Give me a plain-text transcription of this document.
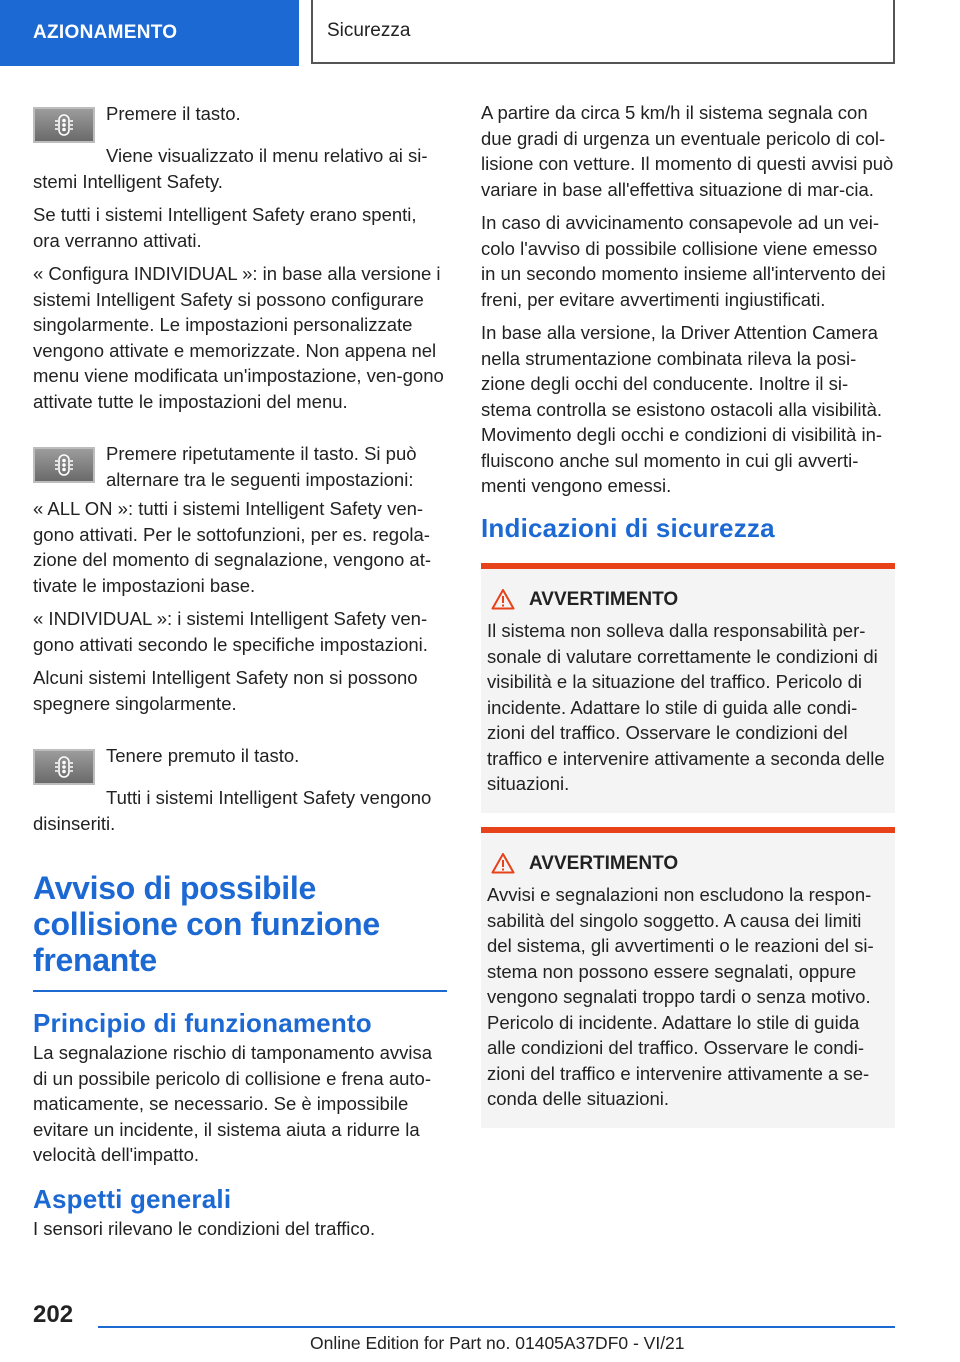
AZIONAMENTO	Sicurezza
Premere il tasto.

Viene visualizzato il menu relativo ai si-stemi Intelligent Safety.

Se tutti i sistemi Intelligent Safety erano spenti, ora verranno attivati.

« Configura INDIVIDUAL »: in base alla versione i sistemi Intelligent Safety si possono configurare singolarmente. Le impostazioni personalizzate vengono attivate e memorizzate. Non appena nel menu viene modificata un'impostazione, ven-gono attivate tutte le impostazioni del menu.

Premere ripetutamente il tasto. Si può alternare tra le seguenti impostazioni:

« ALL ON »: tutti i sistemi Intelligent Safety ven-gono attivati. Per le sottofunzioni, per es. regola-zione del momento di segnalazione, vengono at-tivate le impostazioni base.

« INDIVIDUAL »: i sistemi Intelligent Safety ven-gono attivati secondo le specifiche impostazioni.

Alcuni sistemi Intelligent Safety non si possono spegnere singolarmente.

Tenere premuto il tasto.

Tutti i sistemi Intelligent Safety vengono disinseriti.

Avviso di possibile collisione con funzione frenante
Principio di funzionamento

La segnalazione rischio di tamponamento avvisa di un possibile pericolo di collisione e frena auto-maticamente, se necessario. Se è impossibile evitare un incidente, il sistema aiuta a ridurre la velocità dell'impatto.

Aspetti generali

I sensori rilevano le condizioni del traffico.

A partire da circa 5 km/h il sistema segnala con due gradi di urgenza un eventuale pericolo di col-lisione con vetture. Il momento di questi avvisi può variare in base all'effettiva situazione di mar-cia.

In caso di avvicinamento consapevole ad un vei-colo l'avviso di possibile collisione viene emesso in un secondo momento insieme all'intervento dei freni, per evitare avvertimenti ingiustificati.

In base alla versione, la Driver Attention Camera nella strumentazione combinata rileva la posi-zione degli occhi del conducente. Inoltre il si-stema controlla se esistono ostacoli alla visibilità. Movimento degli occhi e condizioni di visibilità in-fluiscono anche sul momento in cui gli avverti-menti vengono emessi.

Indicazioni di sicurezza
AVVERTIMENTO

Il sistema non solleva dalla responsabilità per-sonale di valutare correttamente le condizioni di visibilità e la situazione del traffico. Pericolo di incidente. Adattare lo stile di guida alle condi-zioni del traffico. Osservare le condizioni del traffico e intervenire attivamente a seconda delle situazioni.

AVVERTIMENTO

Avvisi e segnalazioni non escludono la respon-sabilità del singolo soggetto. A causa dei limiti del sistema, gli avvertimenti o le reazioni del si-stema non possono essere segnalati, oppure vengono segnalati troppo tardi o senza motivo. Pericolo di incidente. Adattare lo stile di guida alle condizioni del traffico. Osservare le condi-zioni del traffico e intervenire attivamente a se-conda delle situazioni.

202
Online Edition for Part no. 01405A37DF0 - VI/21
